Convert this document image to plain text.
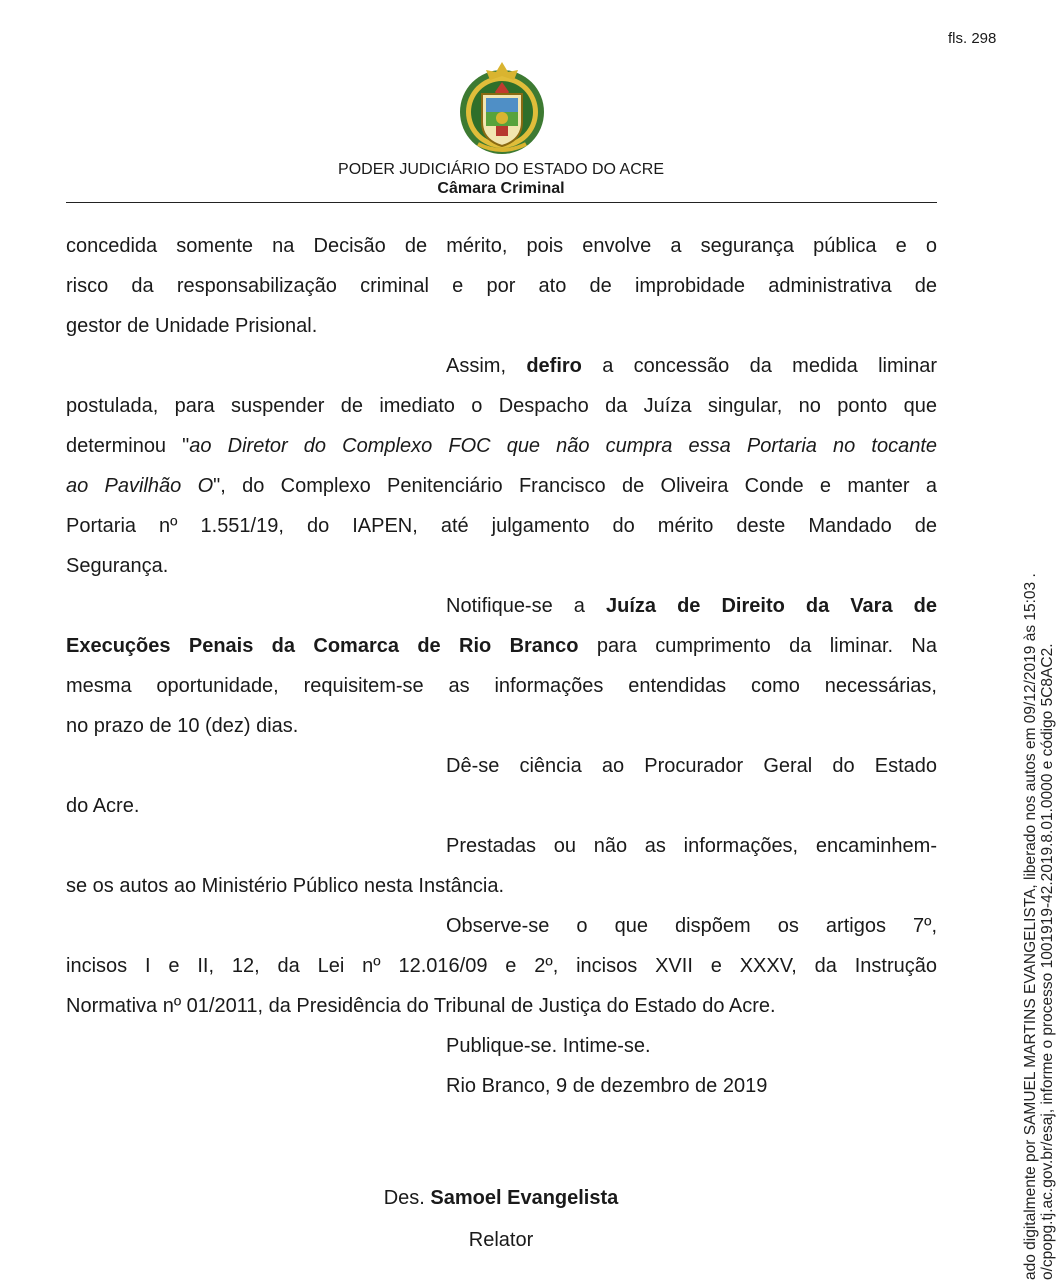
fls. 298
PODER JUDICIÁRIO DO ESTADO DO ACRE
Câmara Criminal

concedida somente na Decisão de mérito, pois envolve a segurança pública e o

risco da responsabilização criminal e por ato de improbidade administrativa de

gestor de Unidade Prisional.

Assim, defiro a concessão da medida liminar

postulada, para suspender de imediato o Despacho da Juíza singular, no ponto que

determinou "ao Diretor do Complexo FOC que não cumpra essa Portaria no tocante

ao Pavilhão O", do Complexo Penitenciário Francisco de Oliveira Conde e manter a

Portaria nº 1.551/19, do IAPEN, até julgamento do mérito deste Mandado de

Segurança.

Notifique-se a Juíza de Direito da Vara de

Execuções Penais da Comarca de Rio Branco para cumprimento da liminar. Na

mesma oportunidade, requisitem-se as informações entendidas como necessárias,

no prazo de 10 (dez) dias.

Dê-se ciência ao Procurador Geral do Estado

do Acre.

Prestadas ou não as informações, encaminhem-

se os autos ao Ministério Público nesta Instância.

Observe-se o que dispõem os artigos 7º,

incisos I e II, 12, da Lei nº 12.016/09 e 2º, incisos XVII e XXXV, da Instrução

Normativa nº 01/2011, da Presidência do Tribunal de Justiça do Estado do Acre.

Publique-se. Intime-se.

Rio Branco, 9 de dezembro de 2019

Des. Samoel Evangelista
Relator	ado digitalmente por SAMUEL MARTINS EVANGELISTA, liberado nos autos em 09/12/2019 às 15:03 . o/cpopg.tj.ac.gov.br/esaj, informe o processo 1001919-42.2019.8.01.0000 e código 5C8AC2.
